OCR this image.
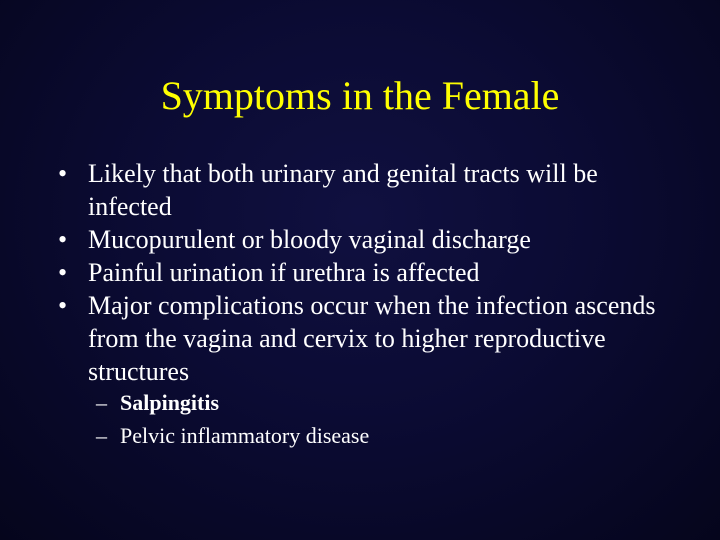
Symptoms in the Female
• Likely that both urinary and genital tracts will be infected
• Mucopurulent or bloody vaginal discharge
• Painful urination if urethra is affected
• Major complications occur when the infection ascends from the vagina and cervix to higher reproductive structures
– Salpingitis
– Pelvic inflammatory disease
